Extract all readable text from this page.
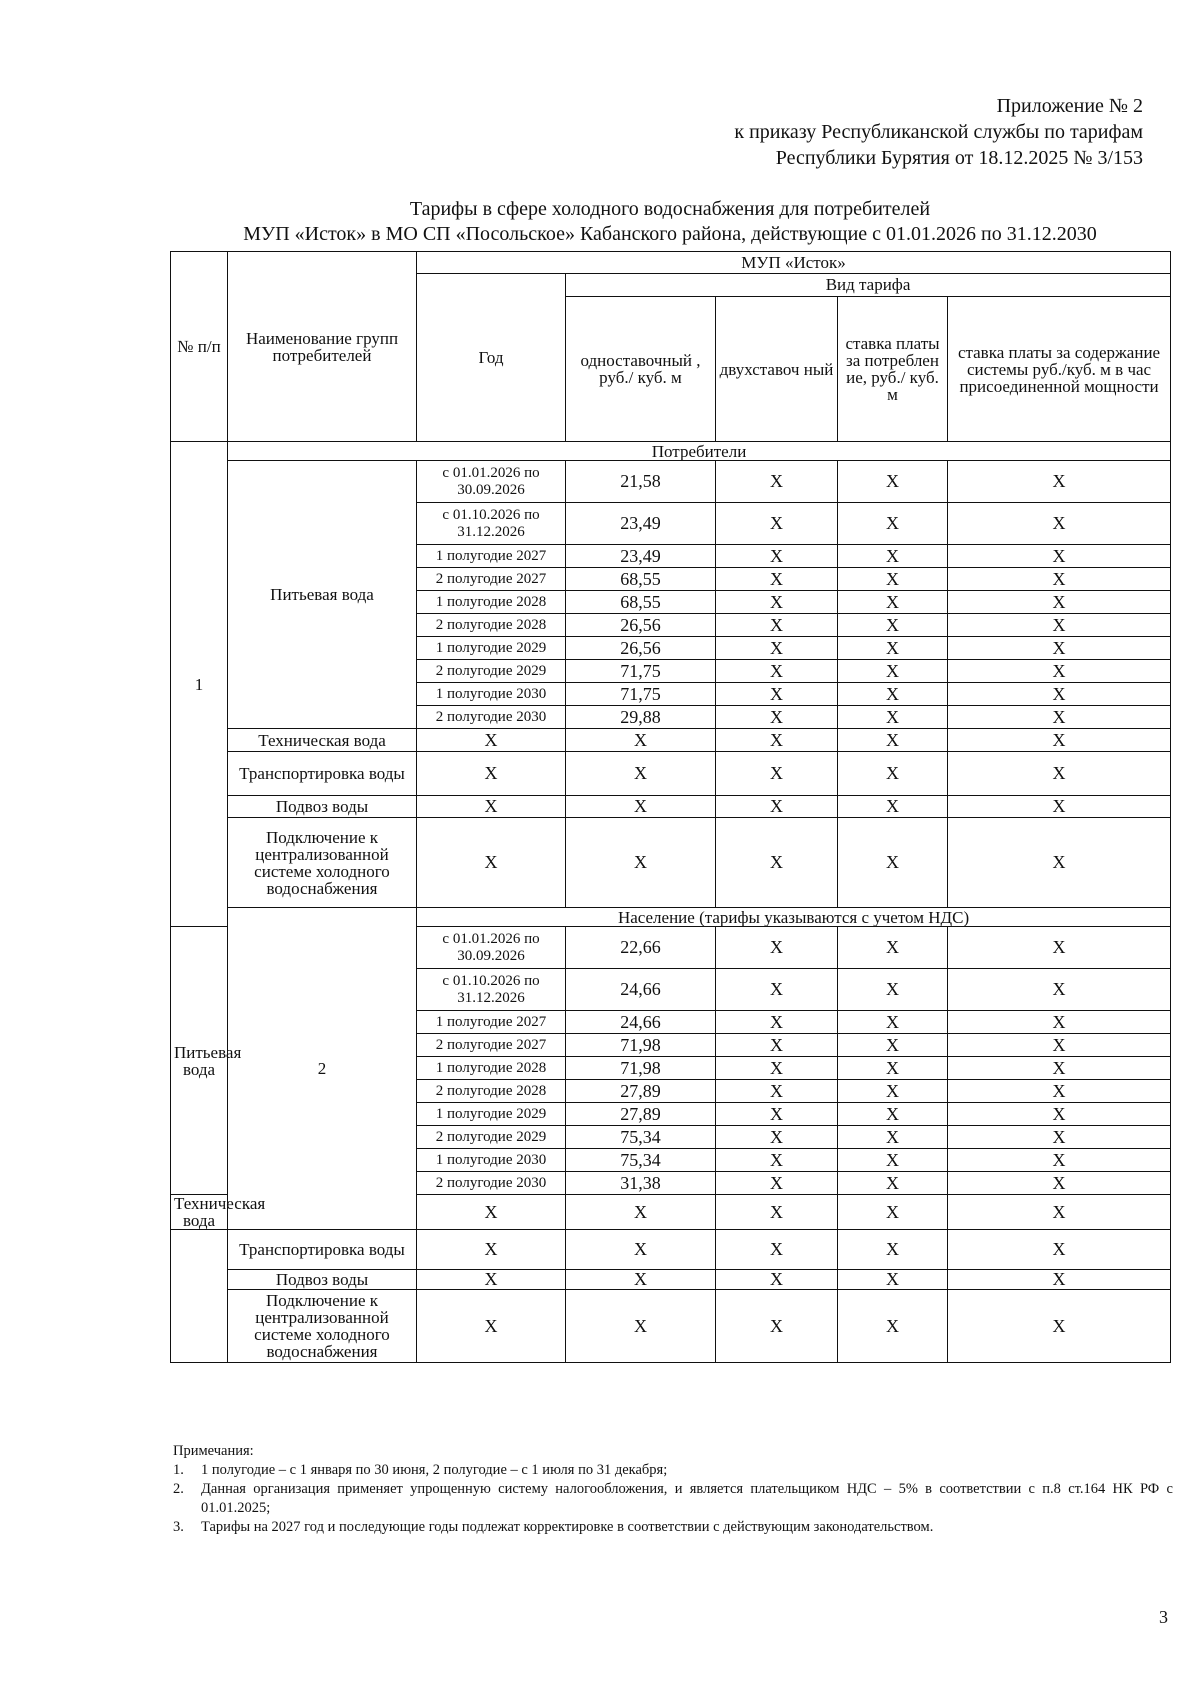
Приложение № 2
к приказу Республиканской службы по тарифам
Республики Бурятия от 18.12.2025 № 3/153
Тарифы в сфере холодного водоснабжения для потребителей
МУП «Исток» в МО СП «Посольское» Кабанского района, действующие с 01.01.2026 по 31.12.2030
№ п/п	Наименование групп потребителей	МУП «Исток»				
		Год	Вид тарифа			
			одноставочный , руб./ куб. м	двухставоч ный	ставка платы за потреблен ие, руб./ куб. м	ставка платы за содержание системы руб./куб. м в час присоединенной мощности
1	Потребители					
	Питьевая вода	с 01.01.2026 по 30.09.2026	21,58	X	X	X
		с 01.10.2026 по 31.12.2026	23,49	X	X	X
		1 полугодие 2027	23,49	X	X	X
		2 полугодие 2027	68,55	X	X	X
		1 полугодие 2028	68,55	X	X	X
		2 полугодие 2028	26,56	X	X	X
		1 полугодие 2029	26,56	X	X	X
		2 полугодие 2029	71,75	X	X	X
		1 полугодие 2030	71,75	X	X	X
		2 полугодие 2030	29,88	X	X	X
	Техническая вода	X	X	X	X	X
	Транспортировка воды	X	X	X	X	X
	Подвоз воды	X	X	X	X	X
	Подключение к централизованной системе холодного водоснабжения	X	X	X	X	X
	2	Население (тарифы указываются с учетом НДС)				
Питьевая вода		с 01.01.2026 по 30.09.2026	22,66	X	X	X
		с 01.10.2026 по 31.12.2026	24,66	X	X	X
		1 полугодие 2027	24,66	X	X	X
		2 полугодие 2027	71,98	X	X	X
		1 полугодие 2028	71,98	X	X	X
		2 полугодие 2028	27,89	X	X	X
		1 полугодие 2029	27,89	X	X	X
		2 полугодие 2029	75,34	X	X	X
		1 полугодие 2030	75,34	X	X	X
		2 полугодие 2030	31,38	X	X	X
Техническая вода		X	X	X	X	X
	Транспортировка воды	X	X	X	X	X
	Подвоз воды	X	X	X	X	X
	Подключение к централизованной системе холодного водоснабжения	X	X	X	X	X
Примечания:
1.	1 полугодие – с 1 января по 30 июня, 2 полугодие – с 1 июля по 31 декабря;
2.	Данная организация применяет упрощенную систему налогообложения, и является плательщиком НДС – 5% в соответствии с п.8 ст.164 НК РФ с 01.01.2025;
3.	Тарифы на 2027 год и последующие годы подлежат корректировке в соответствии с действующим законодательством.
3
